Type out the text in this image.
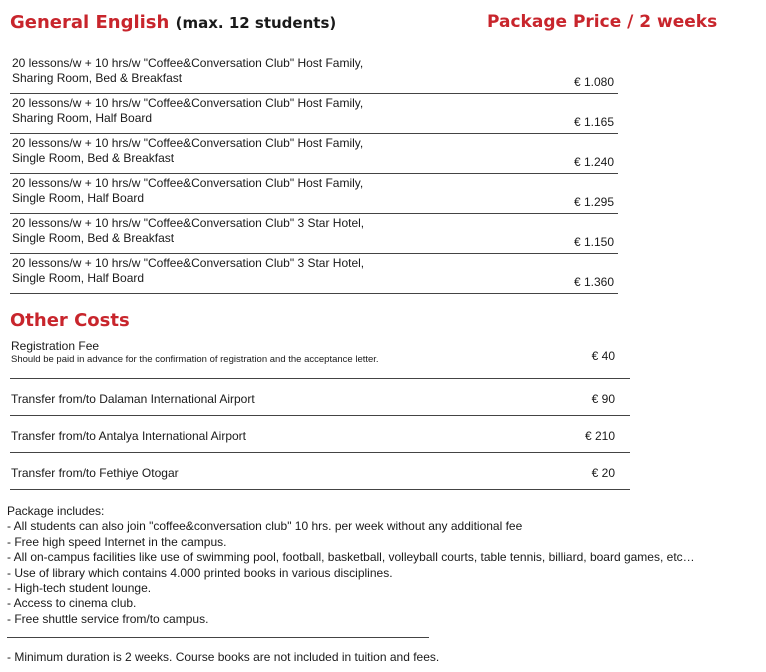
General English (max. 12 students)	Package Price / 2 weeks
20 lessons/w + 10 hrs/w "Coffee&Conversation Club" Host Family,
Sharing Room, Bed & Breakfast	€ 1.080
20 lessons/w + 10 hrs/w "Coffee&Conversation Club" Host Family,
Sharing Room, Half Board	€ 1.165
20 lessons/w + 10 hrs/w "Coffee&Conversation Club" Host Family,
Single Room, Bed & Breakfast	€ 1.240
20 lessons/w + 10 hrs/w "Coffee&Conversation Club" Host Family,
Single Room, Half Board	€ 1.295
20 lessons/w + 10 hrs/w "Coffee&Conversation Club" 3 Star Hotel,
Single Room, Bed & Breakfast	€ 1.150
20 lessons/w + 10 hrs/w "Coffee&Conversation Club" 3 Star Hotel,
Single Room, Half Board	€ 1.360
Other Costs
Registration Fee
Should be paid in advance for the confirmation of registration and the acceptance letter.	€ 40
Transfer from/to Dalaman International Airport	€ 90
Transfer from/to Antalya International Airport	€ 210
Transfer from/to Fethiye Otogar	€ 20
Package includes:
- All students can also join "coffee&conversation club" 10 hrs. per week without any additional fee
- Free high speed Internet in the campus.
- All on-campus facilities like use of swimming pool, football, basketball, volleyball courts, table tennis, billiard, board games, etc…
- Use of library which contains 4.000 printed books in various disciplines.
- High-tech student lounge.
- Access to cinema club.
- Free shuttle service from/to campus.
- Minimum duration is 2 weeks. Course books are not included in tuition and fees.
